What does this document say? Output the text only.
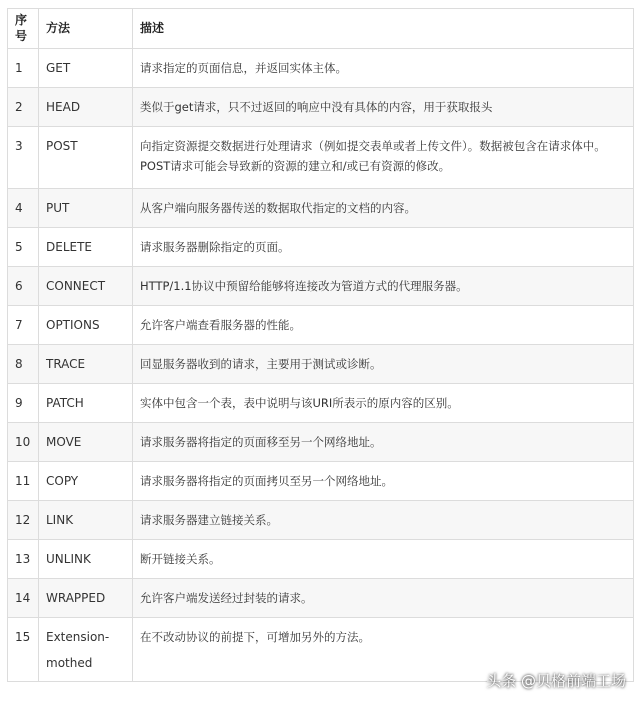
序号	方法	描述
1	GET	请求指定的页面信息，并返回实体主体。
2	HEAD	类似于get请求，只不过返回的响应中没有具体的内容，用于获取报头
3	POST	向指定资源提交数据进行处理请求（例如提交表单或者上传文件）。数据被包含在请求体中。POST请求可能会导致新的资源的建立和/或已有资源的修改。
4	PUT	从客户端向服务器传送的数据取代指定的文档的内容。
5	DELETE	请求服务器删除指定的页面。
6	CONNECT	HTTP/1.1协议中预留给能够将连接改为管道方式的代理服务器。
7	OPTIONS	允许客户端查看服务器的性能。
8	TRACE	回显服务器收到的请求，主要用于测试或诊断。
9	PATCH	实体中包含一个表，表中说明与该URI所表示的原内容的区别。
10	MOVE	请求服务器将指定的页面移至另一个网络地址。
11	COPY	请求服务器将指定的页面拷贝至另一个网络地址。
12	LINK	请求服务器建立链接关系。
13	UNLINK	断开链接关系。
14	WRAPPED	允许客户端发送经过封装的请求。
15	Extension-mothed	在不改动协议的前提下，可增加另外的方法。
头条 @贝格前端工场
